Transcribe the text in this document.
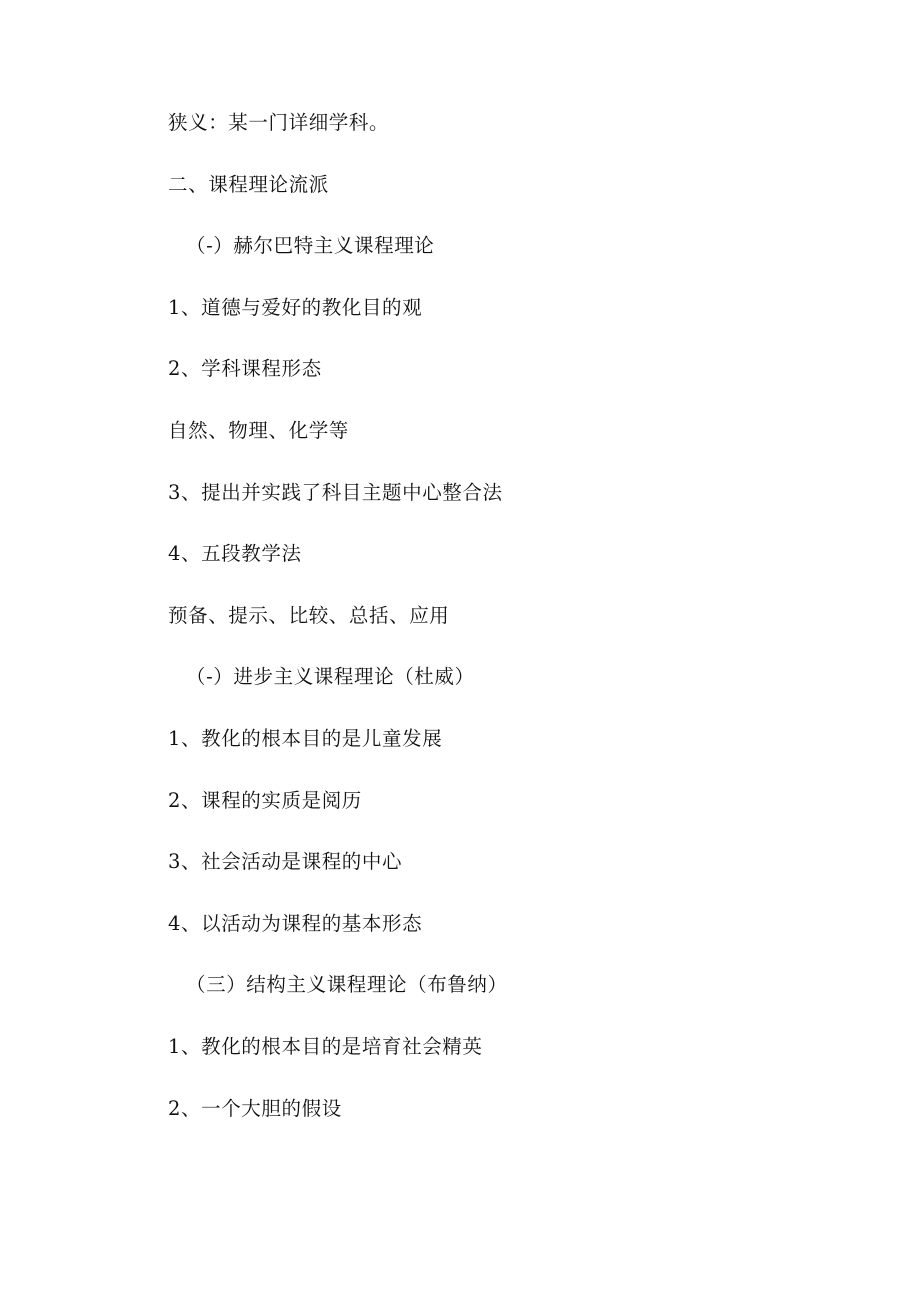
狭义：某一门详细学科。
二、课程理论流派
（-）赫尔巴特主义课程理论
1、道德与爱好的教化目的观
2、学科课程形态
自然、物理、化学等
3、提出并实践了科目主题中心整合法
4、五段教学法
预备、提示、比较、总括、应用
（-）进步主义课程理论（杜威）
1、教化的根本目的是儿童发展
2、课程的实质是阅历
3、社会活动是课程的中心
4、以活动为课程的基本形态
（三）结构主义课程理论（布鲁纳）
1、教化的根本目的是培育社会精英
2、一个大胆的假设
